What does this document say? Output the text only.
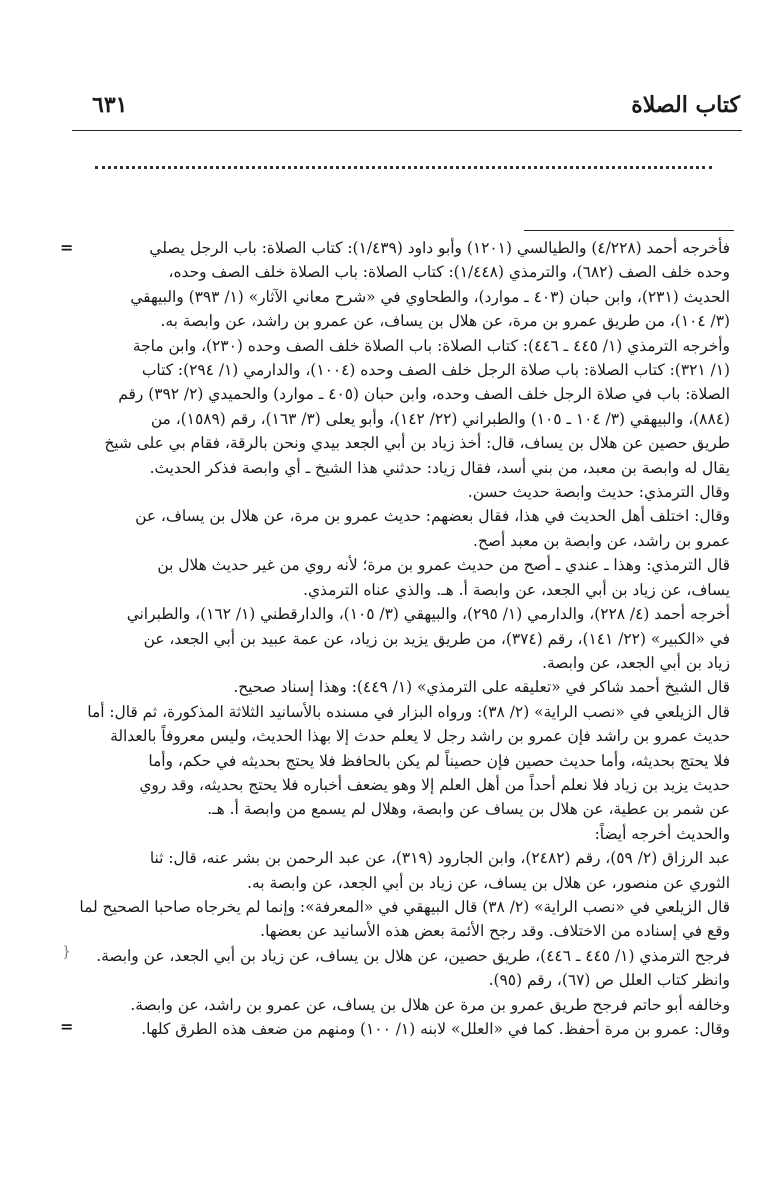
٦٣١	كتاب الصلاة
=
}
=

فأخرجه أحمد (٤/٢٢٨) والطيالسي (١٢٠١) وأبو داود (١/٤٣٩): كتاب الصلاة: باب الرجل يصلي

وحده خلف الصف (٦٨٢)، والترمذي (١/٤٤٨): كتاب الصلاة: باب الصلاة خلف الصف وحده،

الحديث (٢٣١)، وابن حبان (٤٠٣ ـ موارد)، والطحاوي في «شرح معاني الآثار» (١/ ٣٩٣) والبيهقي

(٣/ ١٠٤)، من طريق عمرو بن مرة، عن هلال بن يساف، عن عمرو بن راشد، عن وابصة به.

وأخرجه الترمذي (١/ ٤٤٥ ـ ٤٤٦): كتاب الصلاة: باب الصلاة خلف الصف وحده (٢٣٠)، وابن ماجة

(١/ ٣٢١): كتاب الصلاة: باب صلاة الرجل خلف الصف وحده (١٠٠٤)، والدارمي (١/ ٢٩٤): كتاب

الصلاة: باب في صلاة الرجل خلف الصف وحده، وابن حبان (٤٠٥ ـ موارد) والحميدي (٢/ ٣٩٢) رقم

(٨٨٤)، والبيهقي (٣/ ١٠٤ ـ ١٠٥) والطبراني (٢٢/ ١٤٢)، وأبو يعلى (٣/ ١٦٣)، رقم (١٥٨٩)، من

طريق حصين عن هلال بن يساف، قال: أخذ زياد بن أبي الجعد بيدي ونحن بالرقة، فقام بي على شيخ

يقال له وابصة بن معبد، من بني أسد، فقال زياد: حدثني هذا الشيخ ـ أي وابصة فذكر الحديث.

وقال الترمذي: حديث وابصة حديث حسن.

وقال: اختلف أهل الحديث في هذا، فقال بعضهم: حديث عمرو بن مرة، عن هلال بن يساف، عن

عمرو بن راشد، عن وابصة بن معبد أصح.

قال الترمذي: وهذا ـ عندي ـ أصح من حديث عمرو بن مرة؛ لأنه روي من غير حديث هلال بن

يساف، عن زياد بن أبي الجعد، عن وابصة أ. هـ. والذي عناه الترمذي.

أخرجه أحمد (٤/ ٢٢٨)، والدارمي (١/ ٢٩٥)، والبيهقي (٣/ ١٠٥)، والدارقطني (١/ ١٦٢)، والطبراني

في «الكبير» (٢٢/ ١٤١)، رقم (٣٧٤)، من طريق يزيد بن زياد، عن عمة عبيد بن أبي الجعد، عن

زياد بن أبي الجعد، عن وابصة.

قال الشيخ أحمد شاكر في «تعليقه على الترمذي» (١/ ٤٤٩): وهذا إسناد صحيح.

قال الزيلعي في «نصب الراية» (٢/ ٣٨): ورواه البزار في مسنده بالأسانيد الثلاثة المذكورة، ثم قال: أما

حديث عمرو بن راشد فإن عمرو بن راشد رجل لا يعلم حدث إلا بهذا الحديث، وليس معروفاً بالعدالة

فلا يحتج بحديثه، وأما حديث حصين فإن حصيناً لم يكن بالحافظ فلا يحتج بحديثه في حكم، وأما

حديث يزيد بن زياد فلا نعلم أحداً من أهل العلم إلا وهو يضعف أخباره فلا يحتج بحديثه، وقد روي

عن شمر بن عطية، عن هلال بن يساف عن وابصة، وهلال لم يسمع من وابصة أ. هـ.

والحديث أخرجه أيضاً:

عبد الرزاق (٢/ ٥٩)، رقم (٢٤٨٢)، وابن الجارود (٣١٩)، عن عبد الرحمن بن بشر عنه، قال: ثنا

الثوري عن منصور، عن هلال بن يساف، عن زياد بن أبي الجعد، عن وابصة به.

قال الزيلعي في «نصب الراية» (٢/ ٣٨) قال البيهقي في «المعرفة»: وإنما لم يخرجاه صاحبا الصحيح لما

وقع في إسناده من الاختلاف. وقد رجح الأئمة بعض هذه الأسانيد عن بعضها.

فرجح الترمذي (١/ ٤٤٥ ـ ٤٤٦)، طريق حصين، عن هلال بن يساف، عن زياد بن أبي الجعد، عن وابصة.

وانظر كتاب العلل ص (٦٧)، رقم (٩٥).

وخالفه أبو حاتم فرجح طريق عمرو بن مرة عن هلال بن يساف، عن عمرو بن راشد، عن وابصة.

وقال: عمرو بن مرة أحفظ. كما في «العلل» لابنه (١/ ١٠٠) ومنهم من ضعف هذه الطرق كلها.
